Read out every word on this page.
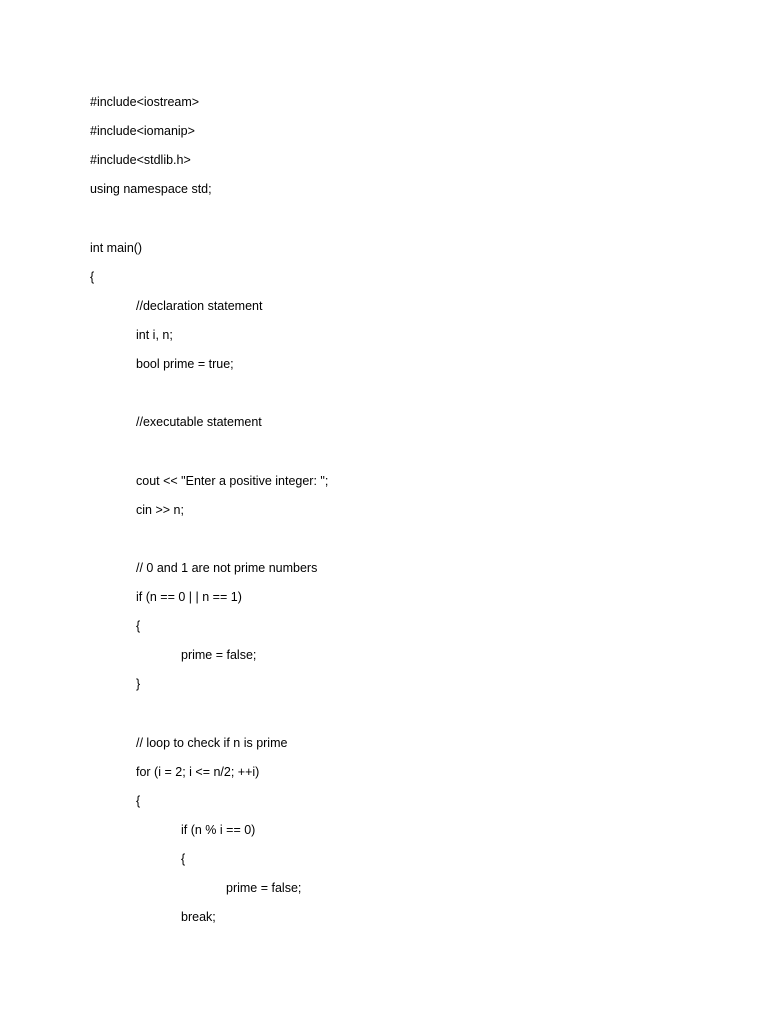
#include<iostream>
#include<iomanip>
#include<stdlib.h>
using namespace std;
int main()
{
//declaration statement
int i, n;
bool prime = true;
//executable statement
cout << "Enter a positive integer: ";
cin >> n;
// 0 and 1 are not prime numbers
if (n == 0 | | n == 1)
{
prime = false;
}
// loop to check if n is prime
for (i = 2; i <= n/2; ++i)
{
if (n % i == 0)
{
prime = false;
break;
